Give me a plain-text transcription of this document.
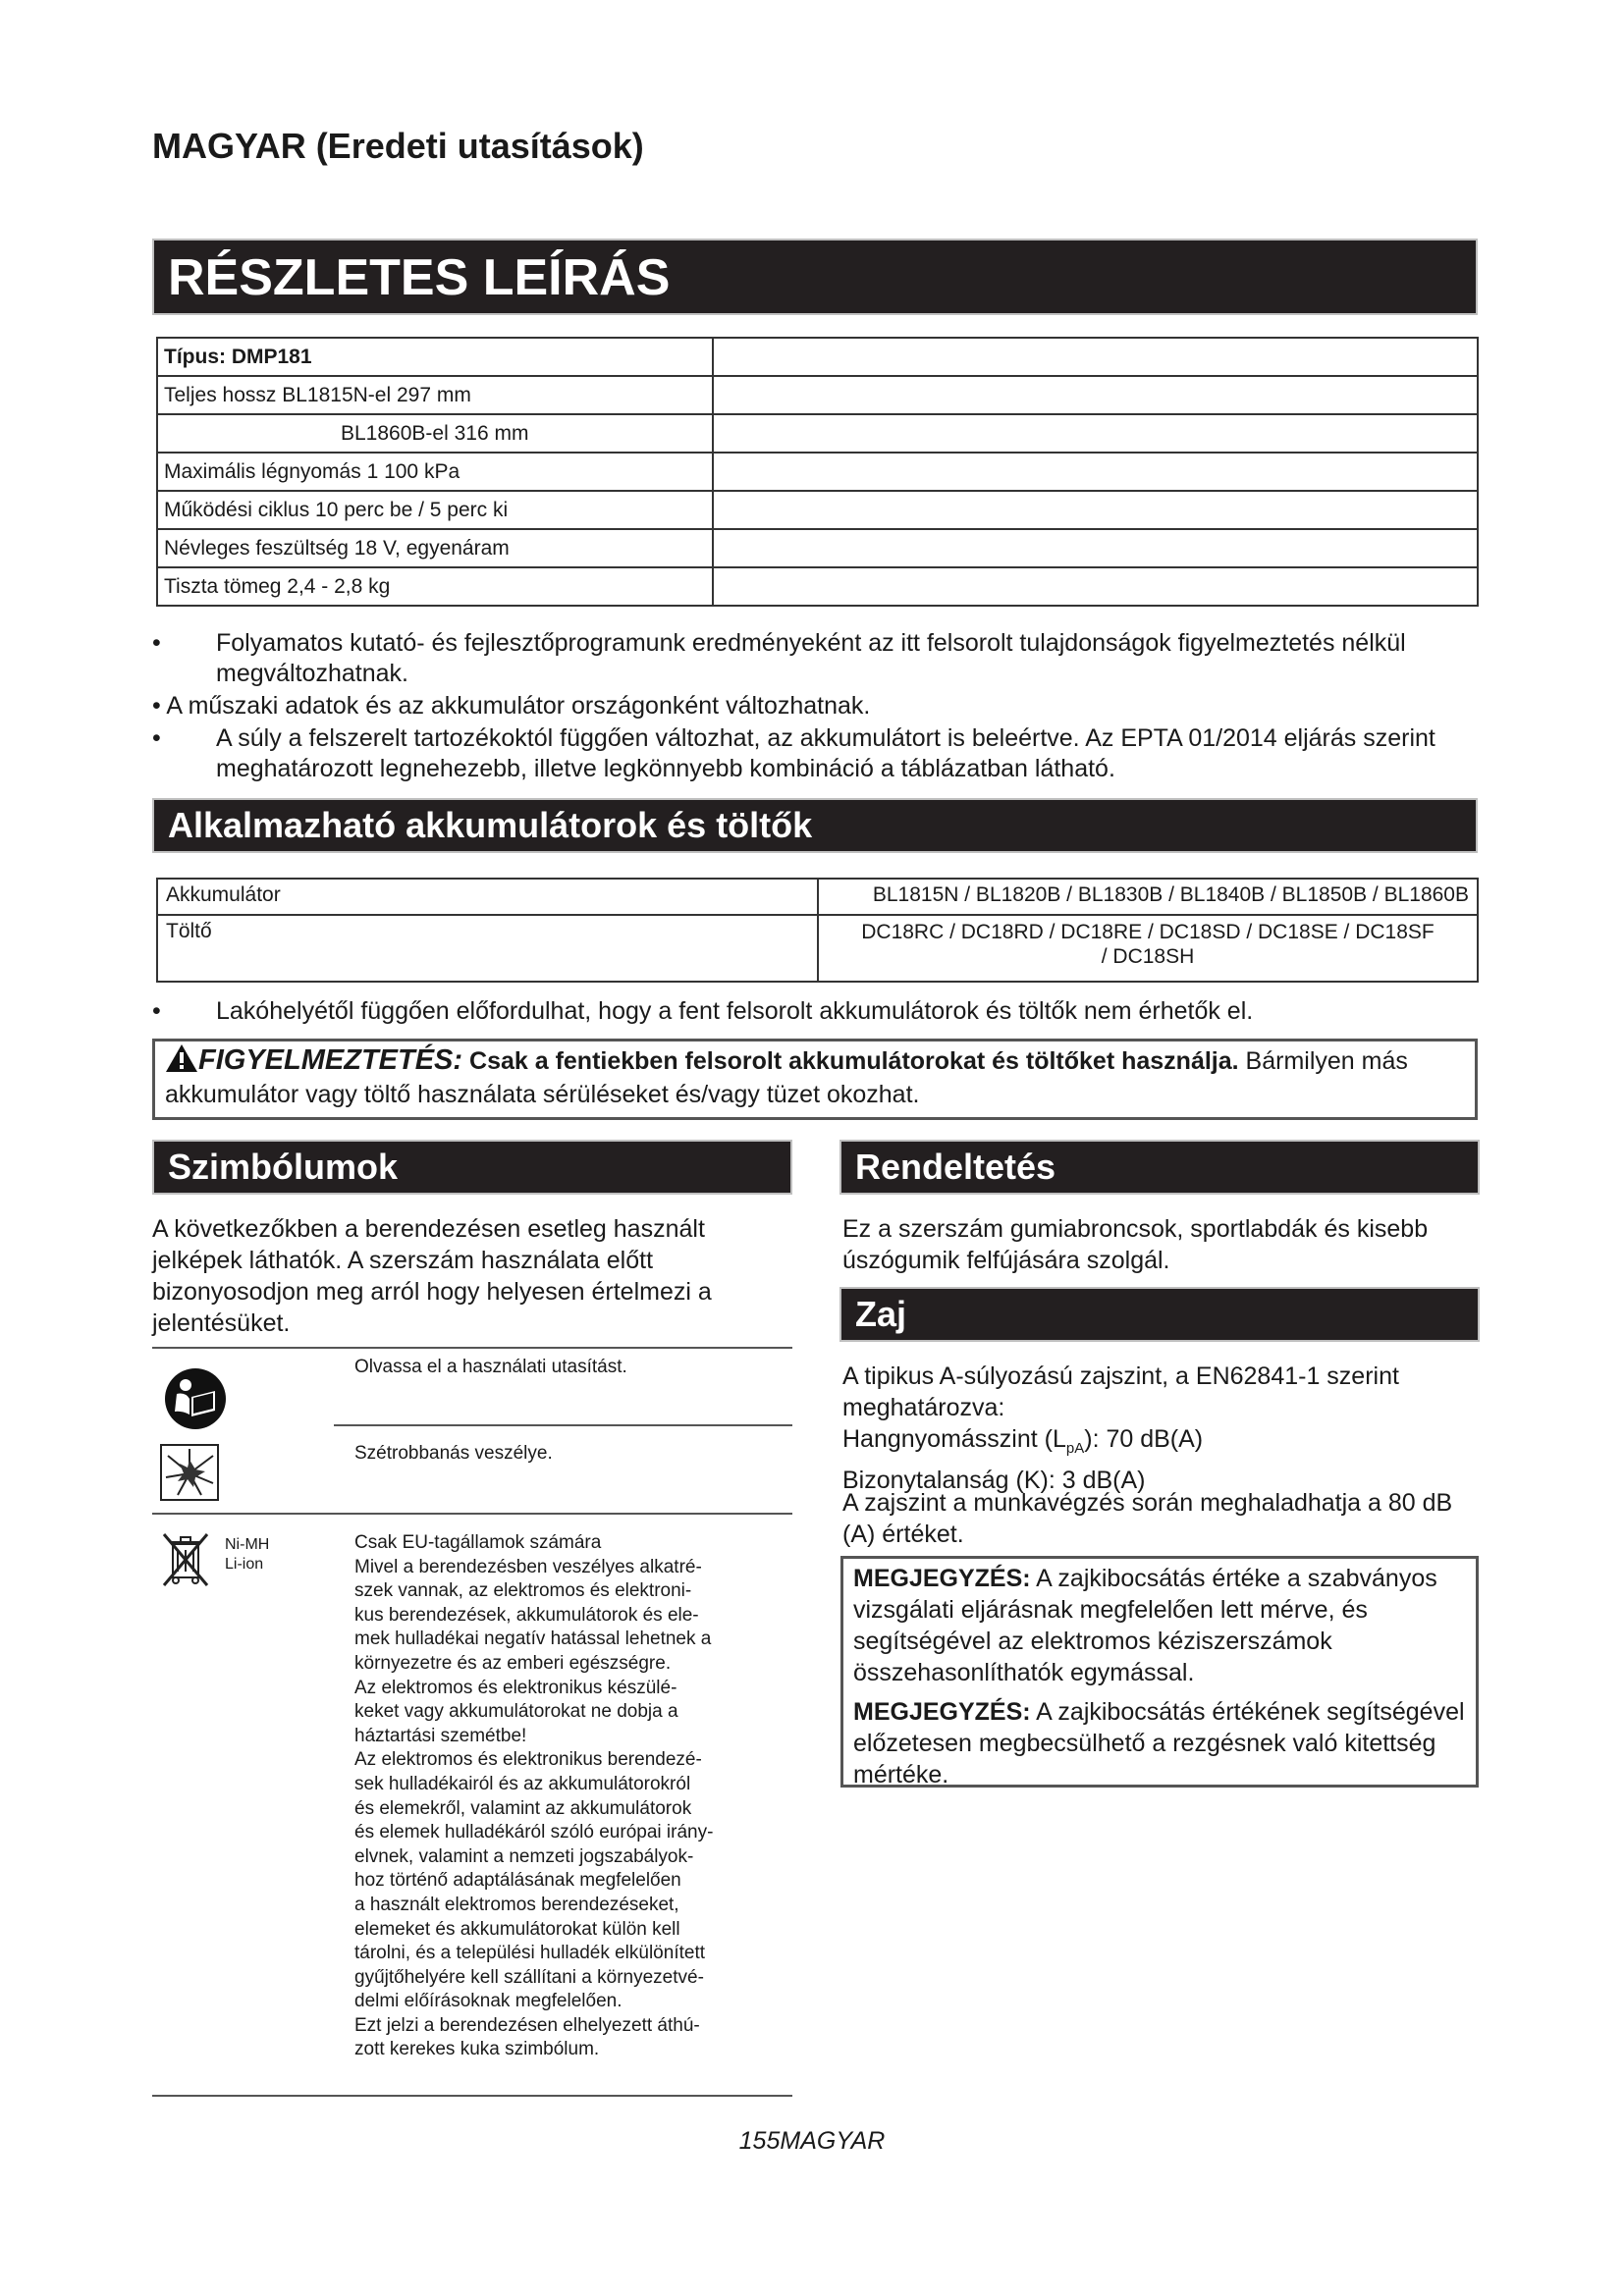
MAGYAR (Eredeti utasítások)
RÉSZLETES LEÍRÁS
Típus: DMP181	
Teljes hossz BL1815N-el 297 mm	
BL1860B-el 316 mm	
Maximális légnyomás 1 100 kPa	
Működési ciklus 10 perc be / 5 perc ki	
Névleges feszültség 18 V, egyenáram	
Tiszta tömeg 2,4 - 2,8 kg	
• Folyamatos kutató- és fejlesztőprogramunk eredményeként az itt felsorolt tulajdonságok figyelmeztetés nélkül megváltozhatnak.
• A műszaki adatok és az akkumulátor országonként változhatnak.
• A súly a felszerelt tartozékoktól függően változhat, az akkumulátort is beleértve. Az EPTA 01/2014 eljárás szerint meghatározott legnehezebb, illetve legkönnyebb kombináció a táblázatban látható.
Alkalmazható akkumulátorok és töltők
Akkumulátor	BL1815N / BL1820B / BL1830B / BL1840B / BL1850B / BL1860B
Töltő	DC18RC / DC18RD / DC18RE / DC18SD / DC18SE / DC18SF / DC18SH
• Lakóhelyétől függően előfordulhat, hogy a fent felsorolt akkumulátorok és töltők nem érhetők el.
FIGYELMEZTETÉS: Csak a fentiekben felsorolt akkumulátorokat és töltőket használja. Bármilyen más akkumulátor vagy töltő használata sérüléseket és/vagy tüzet okozhat.
Szimbólumok
A következőkben a berendezésen esetleg használt jelképek láthatók. A szerszám használata előtt bizonyosodjon meg arról hogy helyesen értelmezi a jelentésüket.
Olvassa el a használati utasítást.
Szétrobbanás veszélye.
Ni-MH
Li-ion
Csak EU-tagállamok számára
Mivel a berendezésben veszélyes alkatré-
szek vannak, az elektromos és elektroni-
kus berendezések, akkumulátorok és ele-
mek hulladékai negatív hatással lehetnek a
környezetre és az emberi egészségre.
Az elektromos és elektronikus készülé-
keket vagy akkumulátorokat ne dobja a
háztartási szemétbe!
Az elektromos és elektronikus berendezé-
sek hulladékairól és az akkumulátorokról
és elemekről, valamint az akkumulátorok
és elemek hulladékáról szóló európai irány-
elvnek, valamint a nemzeti jogszabályok-
hoz történő adaptálásának megfelelően
a használt elektromos berendezéseket,
elemeket és akkumulátorokat külön kell
tárolni, és a települési hulladék elkülönített
gyűjtőhelyére kell szállítani a környezetvé-
delmi előírásoknak megfelelően.
Ezt jelzi a berendezésen elhelyezett áthú-
zott kerekes kuka szimbólum.
Rendeltetés
Ez a szerszám gumiabroncsok, sportlabdák és kisebb úszógumik felfújására szolgál.
Zaj
A tipikus A-súlyozású zajszint, a EN62841-1 szerint meghatározva:
Hangnyomásszint $(L_{pA})$: 70 dB(A)
Bizonytalanság (K): 3 dB(A)
A zajszint a munkavégzés során meghaladhatja a 80 dB (A) értéket.
MEGJEGYZÉS: A zajkibocsátás értéke a szabványos vizsgálati eljárásnak megfelelően lett mérve, és segítségével az elektromos kéziszerszámok összehasonlíthatók egymással.
MEGJEGYZÉS: A zajkibocsátás értékének segítségével előzetesen megbecsülhető a rezgésnek való kitettség mértéke.
155MAGYAR
